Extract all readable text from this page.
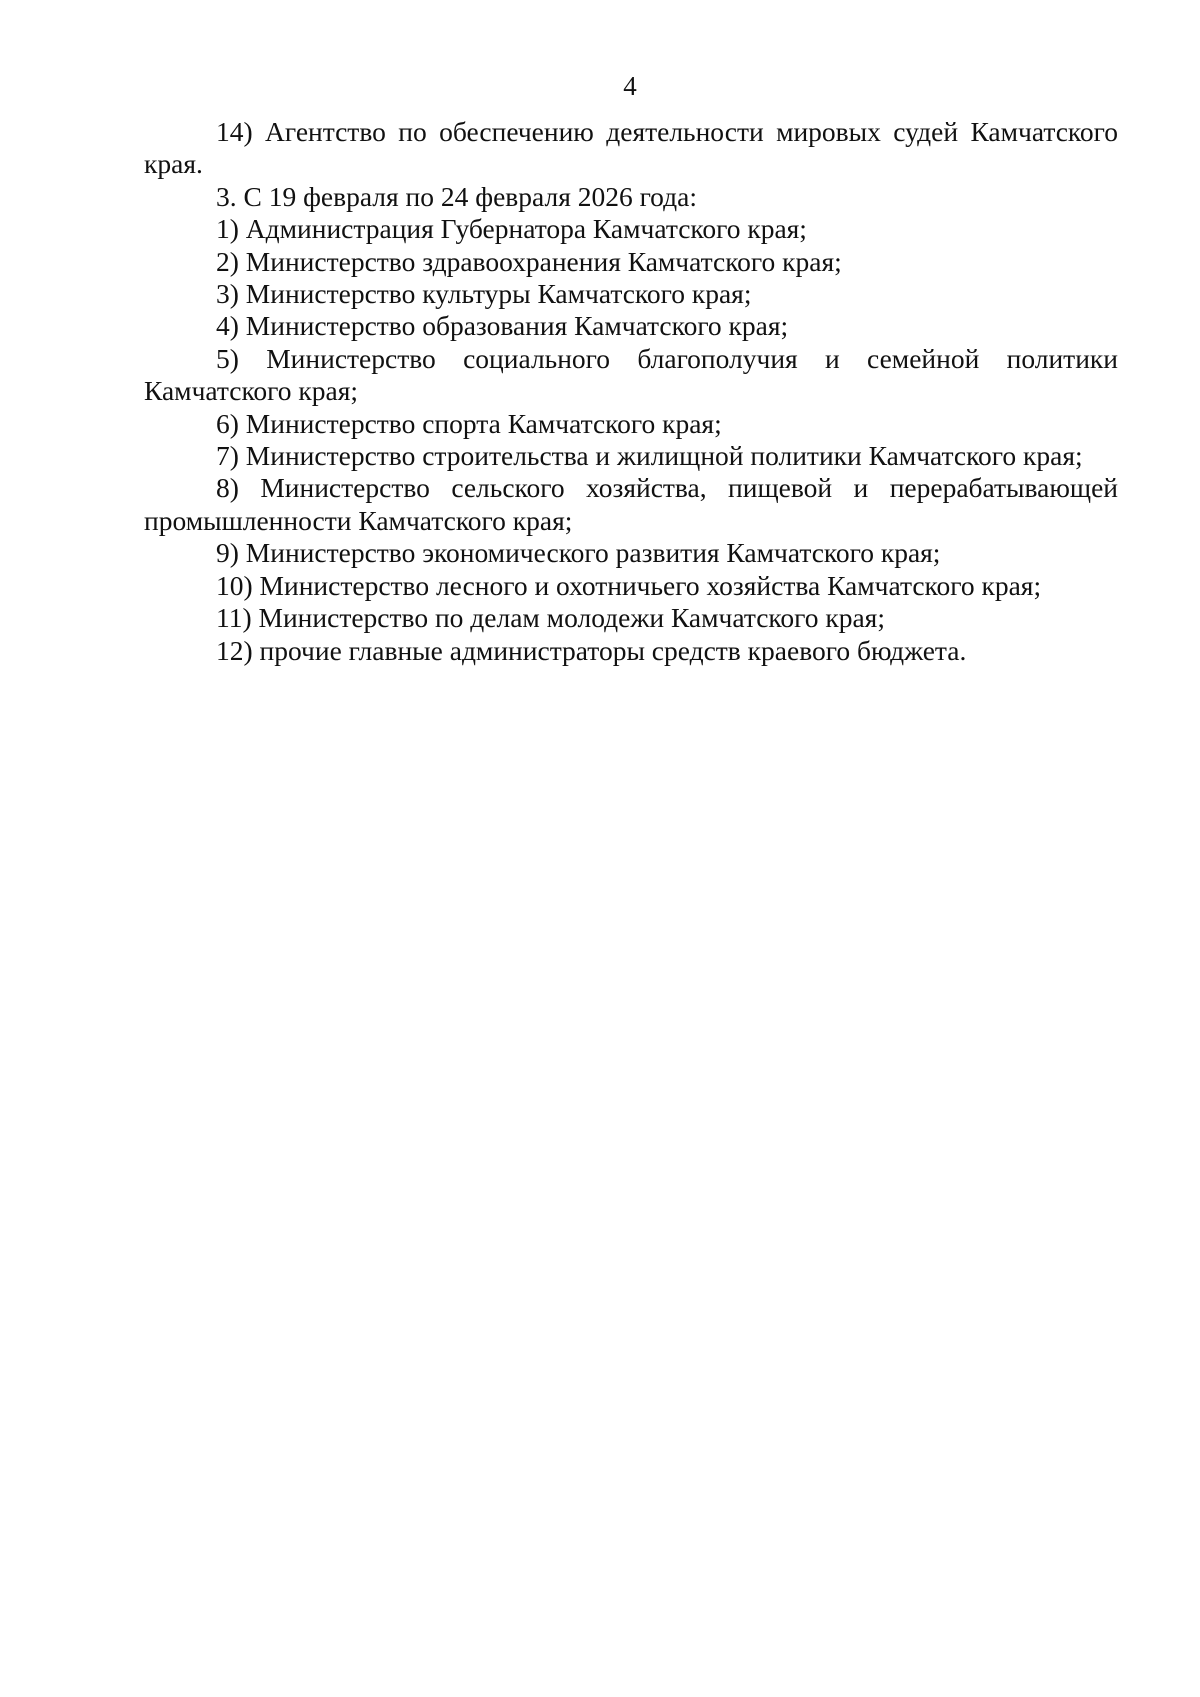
4

14) Агентство по обеспечению деятельности мировых судей Камчатского края.

3. С 19 февраля по 24 февраля 2026 года:

1) Администрация Губернатора Камчатского края;

2) Министерство здравоохранения Камчатского края;

3) Министерство культуры Камчатского края;

4) Министерство образования Камчатского края;

5) Министерство социального благополучия и семейной политики Камчатского края;

6) Министерство спорта Камчатского края;

7) Министерство строительства и жилищной политики Камчатского края;

8) Министерство сельского хозяйства, пищевой и перерабатывающей промышленности Камчатского края;

9) Министерство экономического развития Камчатского края;

10) Министерство лесного и охотничьего хозяйства Камчатского края;

11) Министерство по делам молодежи Камчатского края;

12) прочие главные администраторы средств краевого бюджета.
